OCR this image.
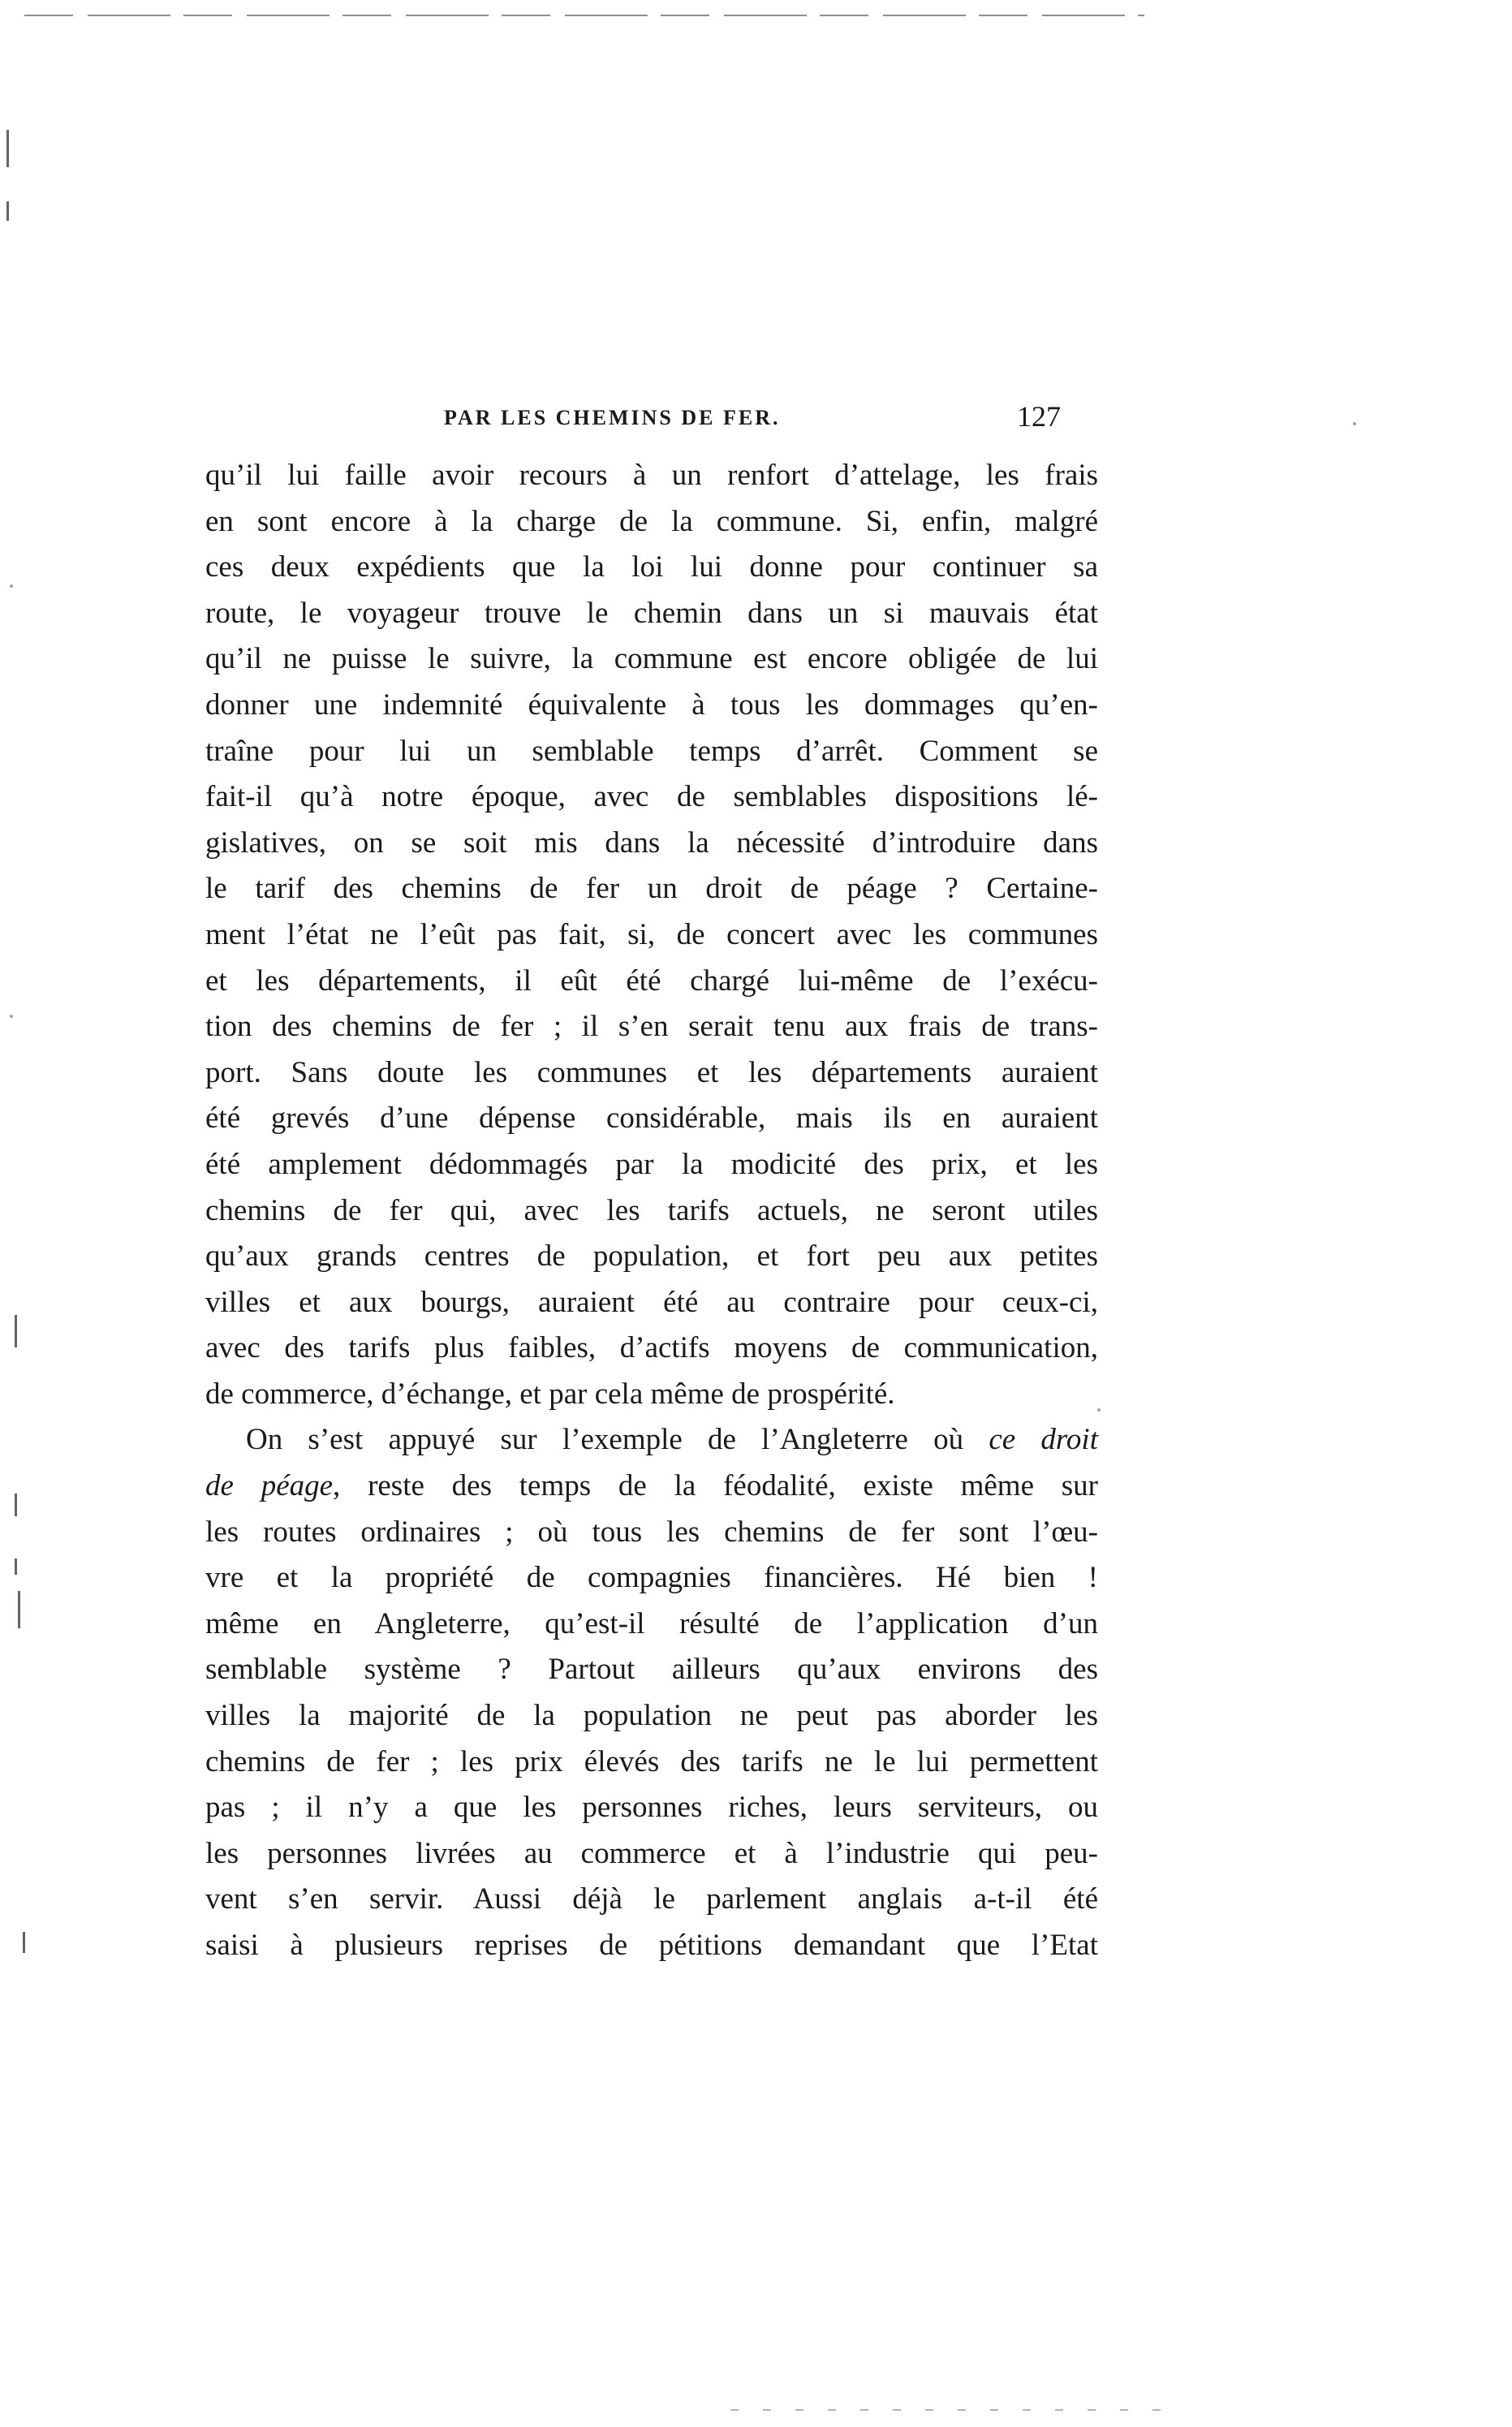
PAR LES CHEMINS DE FER.	127
qu’il lui faille avoir recours à un renfort d’attelage, les frais
en sont encore à la charge de la commune. Si, enfin, malgré
ces deux expédients que la loi lui donne pour continuer sa
route, le voyageur trouve le chemin dans un si mauvais état
qu’il ne puisse le suivre, la commune est encore obligée de lui
donner une indemnité équivalente à tous les dommages qu’en-
traîne pour lui un semblable temps d’arrêt. Comment se
fait-il qu’à notre époque, avec de semblables dispositions lé-
gislatives, on se soit mis dans la nécessité d’introduire dans
le tarif des chemins de fer un droit de péage ? Certaine-
ment l’état ne l’eût pas fait, si, de concert avec les communes
et les départements, il eût été chargé lui-même de l’exécu-
tion des chemins de fer ; il s’en serait tenu aux frais de trans-
port. Sans doute les communes et les départements auraient
été grevés d’une dépense considérable, mais ils en auraient
été amplement dédommagés par la modicité des prix, et les
chemins de fer qui, avec les tarifs actuels, ne seront utiles
qu’aux grands centres de population, et fort peu aux petites
villes et aux bourgs, auraient été au contraire pour ceux-ci,
avec des tarifs plus faibles, d’actifs moyens de communication,
de commerce, d’échange, et par cela même de prospérité.
On s’est appuyé sur l’exemple de l’Angleterre où ce droit
de péage, reste des temps de la féodalité, existe même sur
les routes ordinaires ; où tous les chemins de fer sont l’œu-
vre et la propriété de compagnies financières. Hé bien !
même en Angleterre, qu’est-il résulté de l’application d’un
semblable système ? Partout ailleurs qu’aux environs des
villes la majorité de la population ne peut pas aborder les
chemins de fer ; les prix élevés des tarifs ne le lui permettent
pas ; il n’y a que les personnes riches, leurs serviteurs, ou
les personnes livrées au commerce et à l’industrie qui peu-
vent s’en servir. Aussi déjà le parlement anglais a-t-il été
saisi à plusieurs reprises de pétitions demandant que l’Etat
